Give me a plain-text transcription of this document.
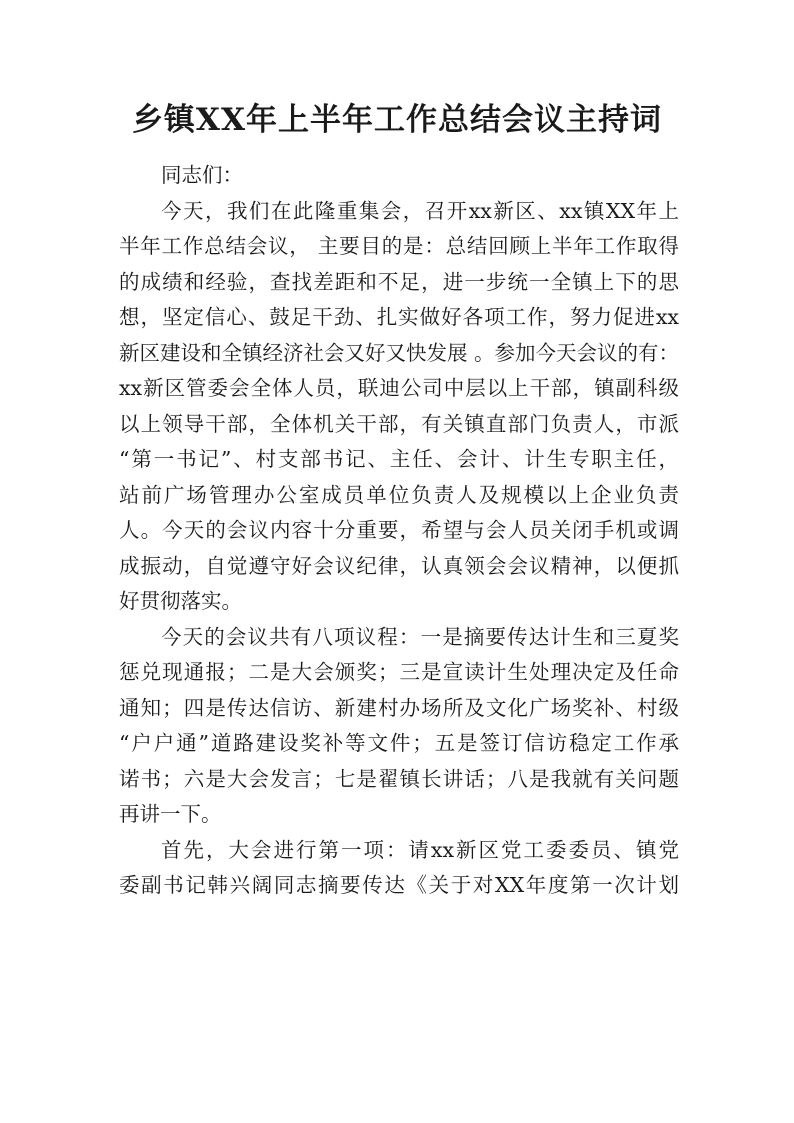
乡镇XX年上半年工作总结会议主持词
同志们：
今天，我们在此隆重集会，召开xx新区、xx镇XX年上
半年工作总结会议， 主要目的是：总结回顾上半年工作取得
的成绩和经验，查找差距和不足，进一步统一全镇上下的思
想，坚定信心、鼓足干劲、扎实做好各项工作，努力促进xx
新区建设和全镇经济社会又好又快发展 。参加今天会议的有：
xx新区管委会全体人员，联迪公司中层以上干部，镇副科级
以上领导干部，全体机关干部，有关镇直部门负责人，市派
“第一书记”、村支部书记、主任、会计、计生专职主任，
站前广场管理办公室成员单位负责人及规模以上企业负责
人。今天的会议内容十分重要，希望与会人员关闭手机或调
成振动，自觉遵守好会议纪律，认真领会会议精神，以便抓
好贯彻落实。
今天的会议共有八项议程：一是摘要传达计生和三夏奖
惩兑现通报；二是大会颁奖；三是宣读计生处理决定及任命
通知；四是传达信访、新建村办场所及文化广场奖补、村级
“户户通”道路建设奖补等文件；五是签订信访稳定工作承
诺书；六是大会发言；七是翟镇长讲话；八是我就有关问题
再讲一下。
首先，大会进行第一项：请xx新区党工委委员、镇党
委副书记韩兴阔同志摘要传达《关于对XX年度第一次计划
